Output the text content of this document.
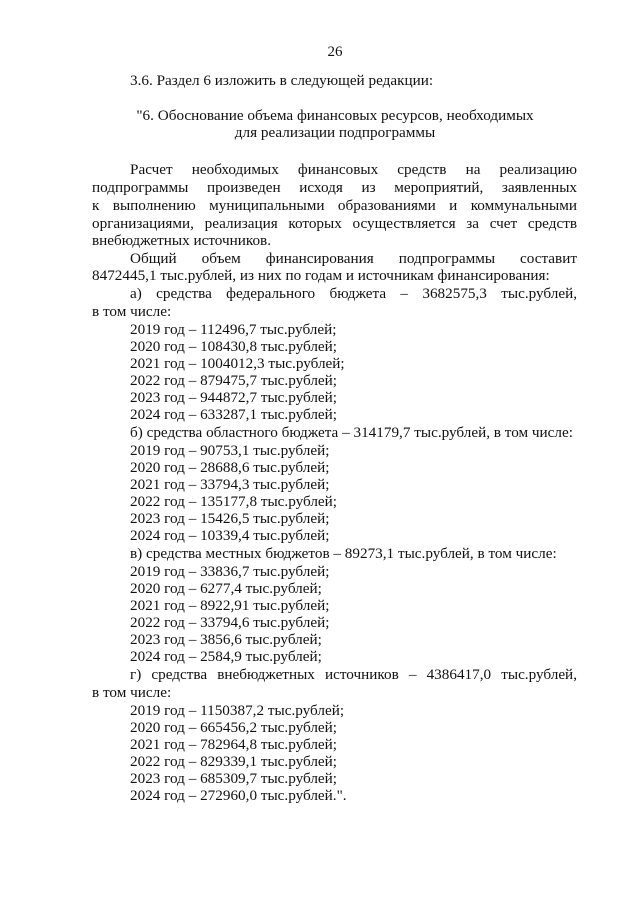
26
3.6. Раздел 6 изложить в следующей редакции:
"6. Обоснование объема финансовых ресурсов, необходимых
для реализации подпрограммы
Расчет необходимых финансовых средств на реализацию
подпрограммы произведен исходя из мероприятий, заявленных
к выполнению муниципальными образованиями и коммунальными
организациями, реализация которых осуществляется за счет средств
внебюджетных источников.
Общий объем финансирования подпрограммы составит
8472445,1 тыс.рублей, из них по годам и источникам финансирования:
а) средства федерального бюджета – 3682575,3 тыс.рублей,
в том числе:
2019 год – 112496,7 тыс.рублей;
2020 год – 108430,8 тыс.рублей;
2021 год – 1004012,3 тыс.рублей;
2022 год – 879475,7 тыс.рублей;
2023 год – 944872,7 тыс.рублей;
2024 год – 633287,1 тыс.рублей;
б) средства областного бюджета – 314179,7 тыс.рублей, в том числе:
2019 год – 90753,1 тыс.рублей;
2020 год – 28688,6 тыс.рублей;
2021 год – 33794,3 тыс.рублей;
2022 год – 135177,8 тыс.рублей;
2023 год – 15426,5 тыс.рублей;
2024 год – 10339,4 тыс.рублей;
в) средства местных бюджетов – 89273,1 тыс.рублей, в том числе:
2019 год – 33836,7 тыс.рублей;
2020 год – 6277,4 тыс.рублей;
2021 год – 8922,91 тыс.рублей;
2022 год – 33794,6 тыс.рублей;
2023 год – 3856,6 тыс.рублей;
2024 год – 2584,9 тыс.рублей;
г) средства внебюджетных источников – 4386417,0 тыс.рублей,
в том числе:
2019 год – 1150387,2 тыс.рублей;
2020 год – 665456,2 тыс.рублей;
2021 год – 782964,8 тыс.рублей;
2022 год – 829339,1 тыс.рублей;
2023 год – 685309,7 тыс.рублей;
2024 год – 272960,0 тыс.рублей.".
